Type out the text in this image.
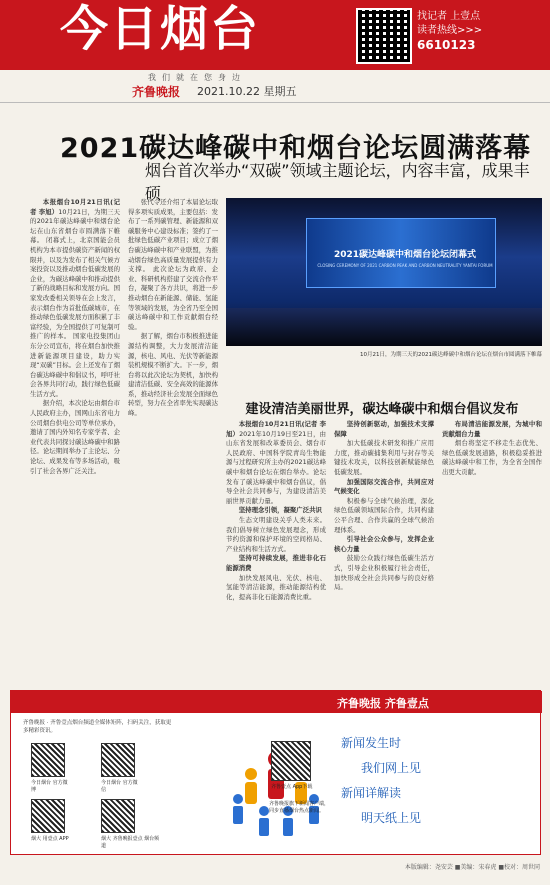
今日烟台	找记者 上壹点
读者热线>>>
6610123
我们就在您身边
齐鲁晚报 2021.10.22 星期五
2021碳达峰碳中和烟台论坛圆满落幕
烟台首次举办“双碳”领域主题论坛，内容丰富，成果丰硕

本报烟台10月21日讯(记者 李旭）10月21日，为期三天的2021年碳达峰碳中和烟台论坛在山东省烟台市圆满落下帷幕。 闭幕式上，北京国能会员机构为本市提供碳资产新闻的权限并，以及为发布了相关气候方案投资以及推动烟台低碳发展的企业，为碳达峰碳中和推动提供了新的战略目标和发展方向。国家发改委相关领导在会上发言，表示烟台作为首批低碳城市，在推动绿色低碳发展方面积累了丰富经验，为全国提供了可复制可推广的样本。 国家电投集团山东分公司宣布，将在烟台加快推进新能源项目建设，助力实现“双碳”目标。会上还发布了烟台碳达峰碳中和倡议书，呼吁社会各界共同行动，践行绿色低碳生活方式。

据介绍，本次论坛由烟台市人民政府主办，国网山东省电力公司烟台供电公司等单位承办，邀请了国内外知名专家学者、企业代表共同探讨碳达峰碳中和路径。论坛期间举办了主论坛、分论坛、成果发布等多场活动，吸引了社会各界广泛关注。

张代令还介绍了本届论坛取得多项实质成果，主要包括：发布了一系列碳管理、新能源和双碳服务中心建设标准；签约了一批绿色低碳产业项目；成立了烟台碳达峰碳中和产业联盟，为推动烟台绿色高质量发展提供有力支撑。 此次论坛为政府、企业、科研机构搭建了交流合作平台，凝聚了各方共识，将进一步推动烟台在新能源、储能、氢能等领域的发展，为全省乃至全国碳达峰碳中和工作贡献烟台经验。

据了解，烟台市积极推进能源结构调整，大力发展清洁能源，核电、风电、光伏等新能源装机规模不断扩大。下一步，烟台将以此次论坛为契机，加快构建清洁低碳、安全高效的能源体系，推动经济社会发展全面绿色转型，努力在全省率先实现碳达峰。

2021碳达峰碳中和烟台论坛闭幕式
CLOSING CEREMONY OF 2021 CARBON PEAK AND CARBON NEUTRALITY YANTAI FORUM
10月21日，为期三天的2021碳达峰碳中和烟台论坛在烟台市圆满落下帷幕
建设清洁美丽世界，碳达峰碳中和烟台倡议发布

本报烟台10月21日讯(记者 李旭）2021年10月19日至21日，由山东省发展和改革委员会、烟台市人民政府、中国科学院青岛生物能源与过程研究所主办的2021碳达峰碳中和烟台论坛在烟台举办。论坛发布了碳达峰碳中和烟台倡议，倡导全社会共同参与，为建设清洁美丽世界贡献力量。

坚持理念引领，凝聚广泛共识

生态文明建设关乎人类未来。我们倡导树立绿色发展理念，形成节约资源和保护环境的空间格局、产业结构和生活方式。

坚持可持续发展，推进非化石能源消费

加快发展风电、光伏、核电、氢能等清洁能源，推动能源结构优化，提高非化石能源消费比重。

坚持创新驱动，加强技术支撑保障

加大低碳技术研发和推广应用力度，推动碳捕集利用与封存等关键技术攻关，以科技创新赋能绿色低碳发展。

加强国际交流合作，共同应对气候变化

积极参与全球气候治理，深化绿色低碳领域国际合作，共同构建公平合理、合作共赢的全球气候治理体系。

引导社会公众参与，发挥企业核心力量

鼓励公众践行绿色低碳生活方式，引导企业积极履行社会责任，加快形成全社会共同参与的良好格局。

布局清洁能源发展，为城中和贡献烟台力量

烟台将坚定不移走生态优先、绿色低碳发展道路，积极稳妥推进碳达峰碳中和工作，为全省全国作出更大贡献。

齐鲁晚报 齐鲁壹点
齐鲁晚报 · 齐鲁壹点烟台频道全媒体矩阵，扫码关注，获取更多精彩资讯。
今日烟台 官方微博
今日烟台 官方微信
烟大 用壹点 APP	烟大 齐鲁晚报壹点 烟台频道
齐鲁壹点 App下载
齐鲁晚报旗下新闻客户端，同步直播烟台热点新闻。
新闻发生时
我们网上见
新闻详解读
明天纸上见
本版编辑：尧安芸 ■美编：宋春虎 ■校对：周世同
